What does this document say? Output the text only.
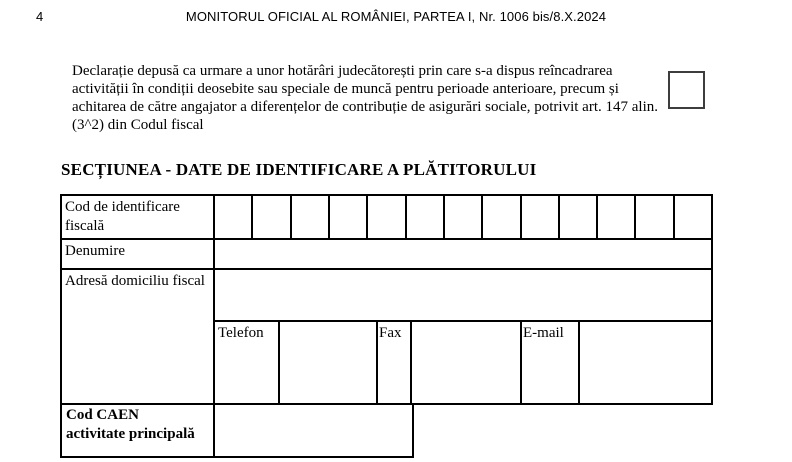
4	MONITORUL OFICIAL AL ROMÂNIEI, PARTEA I, Nr. 1006 bis/8.X.2024
Declarație depusă ca urmare a unor hotărâri judecătorești prin care s-a dispus reîncadrarea activității în condiții deosebite sau speciale de muncă pentru perioade anterioare, precum și achitarea de către angajator a diferențelor de contribuție de asigurări sociale, potrivit art. 147 alin. (3^2) din Codul fiscal
SECȚIUNEA - DATE DE IDENTIFICARE A PLĂTITORULUI
Cod de identificare fiscală
Denumire
Adresă domiciliu fiscal
Telefon	Fax	E-mail
Cod CAEN
activitate principală
